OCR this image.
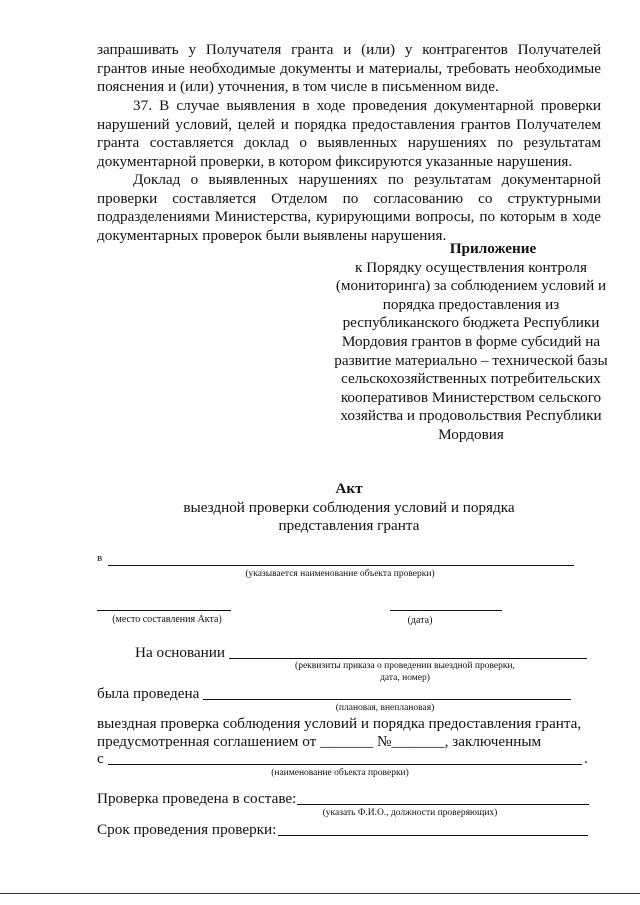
запрашивать у Получателя гранта и (или) у контрагентов Получателей грантов иные необходимые документы и материалы, требовать необходимые пояснения и (или) уточнения, в том числе в письменном виде.

37. В случае выявления в ходе проведения документарной проверки нарушений условий, целей и порядка предоставления грантов Получателем гранта составляется доклад о выявленных нарушениях по результатам документарной проверки, в котором фиксируются указанные нарушения.

Доклад о выявленных нарушениях по результатам документарной проверки составляется Отделом по согласованию со структурными подразделениями Министерства, курирующими вопросы, по которым в ходе документарных проверок были выявлены нарушения.

Приложение
к Порядку осуществления контроля
(мониторинга) за соблюдением условий и
порядка предоставления из
республиканского бюджета Республики
Мордовия грантов в форме субсидий на
развитие материально – технической базы
сельскохозяйственных потребительских
кооперативов Министерством сельского
хозяйства и продовольствия Республики
Мордовия
Акт
выездной проверки соблюдения условий и порядка
представления гранта
в
(указывается наименование объекта проверки)
(место составления Акта)	(дата)
На основании
(реквизиты приказа о проведении выездной проверки,
дата, номер)
была проведена
(плановая, внеплановая)
выездная проверка соблюдения условий и порядка предоставления гранта,
предусмотренная соглашением от _______ №_______, заключенным
с	.
(наименование объекта проверки)
Проверка проведена в составе:
(указать Ф.И.О., должности проверяющих)
Срок проведения проверки:
